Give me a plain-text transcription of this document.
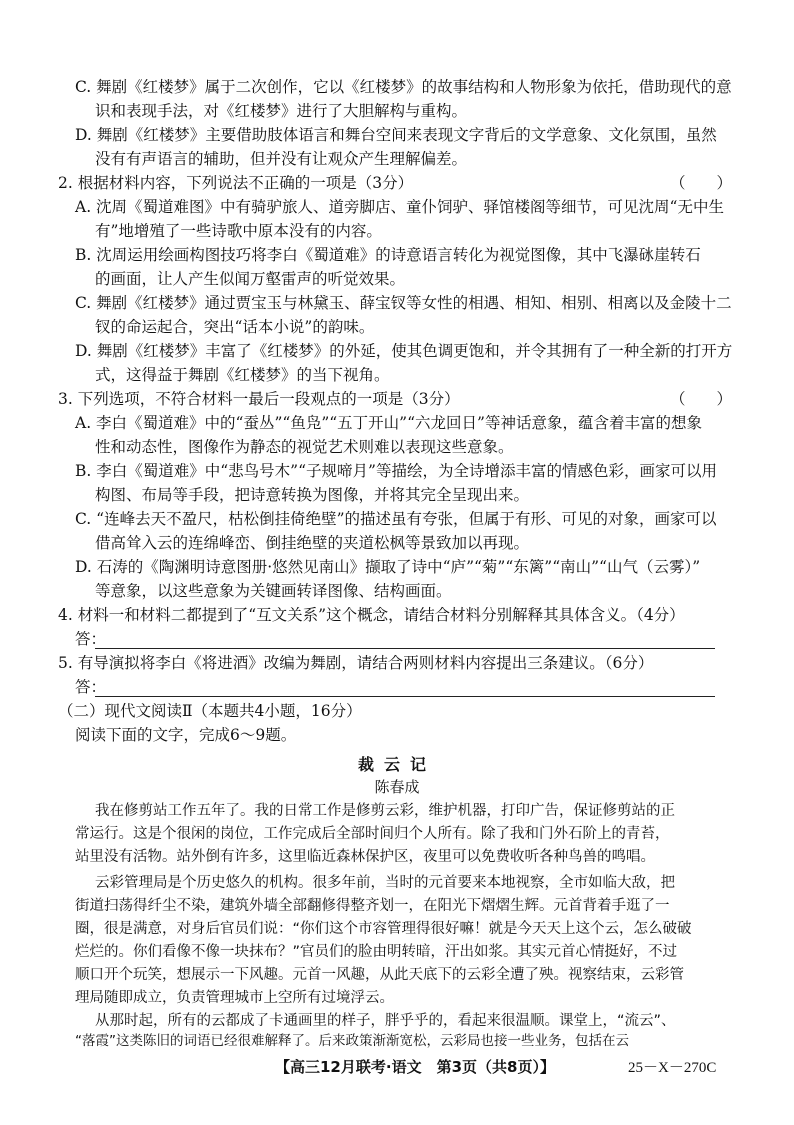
C. 舞剧《红楼梦》属于二次创作，它以《红楼梦》的故事结构和人物形象为依托，借助现代的意
识和表现手法，对《红楼梦》进行了大胆解构与重构。
D. 舞剧《红楼梦》主要借助肢体语言和舞台空间来表现文字背后的文学意象、文化氛围，虽然
没有有声语言的辅助，但并没有让观众产生理解偏差。
2. 根据材料内容，下列说法不正确的一项是（3分）	（　　）
A. 沈周《蜀道难图》中有骑驴旅人、道旁脚店、童仆饲驴、驿馆楼阁等细节，可见沈周“无中生
有”地增殖了一些诗歌中原本没有的内容。
B. 沈周运用绘画构图技巧将李白《蜀道难》的诗意语言转化为视觉图像，其中飞瀑砯崖转石
的画面，让人产生似闻万壑雷声的听觉效果。
C. 舞剧《红楼梦》通过贾宝玉与林黛玉、薛宝钗等女性的相遇、相知、相别、相离以及金陵十二
钗的命运起合，突出“话本小说”的韵味。
D. 舞剧《红楼梦》丰富了《红楼梦》的外延，使其色调更饱和，并令其拥有了一种全新的打开方
式，这得益于舞剧《红楼梦》的当下视角。
3. 下列选项，不符合材料一最后一段观点的一项是（3分）	（　　）
A. 李白《蜀道难》中的“蚕丛”“鱼凫”“五丁开山”“六龙回日”等神话意象，蕴含着丰富的想象
性和动态性，图像作为静态的视觉艺术则难以表现这些意象。
B. 李白《蜀道难》中“悲鸟号木”“子规啼月”等描绘，为全诗增添丰富的情感色彩，画家可以用
构图、布局等手段，把诗意转换为图像，并将其完全呈现出来。
C. “连峰去天不盈尺，枯松倒挂倚绝壁”的描述虽有夸张，但属于有形、可见的对象，画家可以
借高耸入云的连绵峰峦、倒挂绝壁的夹道松枫等景致加以再现。
D. 石涛的《陶渊明诗意图册·悠然见南山》撷取了诗中“庐”“菊”“东篱”“南山”“山气（云雾）”
等意象，以这些意象为关键画转译图像、结构画面。
4. 材料一和材料二都提到了“互文关系”这个概念，请结合材料分别解释其具体含义。（4分）
答：
5. 有导演拟将李白《将进酒》改编为舞剧，请结合两则材料内容提出三条建议。（6分）
答：
（二）现代文阅读Ⅱ（本题共4小题，16分）
阅读下面的文字，完成6～9题。
裁云记
陈春成
我在修剪站工作五年了。我的日常工作是修剪云彩，维护机器，打印广告，保证修剪站的正
常运行。这是个很闲的岗位，工作完成后全部时间归个人所有。除了我和门外石阶上的青苔，
站里没有活物。站外倒有许多，这里临近森林保护区，夜里可以免费收听各种鸟兽的鸣唱。
云彩管理局是个历史悠久的机构。很多年前，当时的元首要来本地视察，全市如临大敌，把
街道扫荡得纤尘不染，建筑外墙全部翻修得整齐划一，在阳光下熠熠生辉。元首背着手逛了一
圈，很是满意，对身后官员们说：“你们这个市容管理得很好嘛！就是今天天上这个云，怎么破破
烂烂的。你们看像不像一块抹布？”官员们的脸由明转暗，汗出如浆。其实元首心情挺好，不过
顺口开个玩笑，想展示一下风趣。元首一风趣，从此天底下的云彩全遭了殃。视察结束，云彩管
理局随即成立，负责管理城市上空所有过境浮云。
从那时起，所有的云都成了卡通画里的样子，胖乎乎的，看起来很温顺。课堂上，“流云”、
“落霞”这类陈旧的词语已经很难解释了。后来政策渐渐宽松，云彩局也接一些业务，包括在云
【高三12月联考·语文　第3页（共8页）】	25－X－270C
